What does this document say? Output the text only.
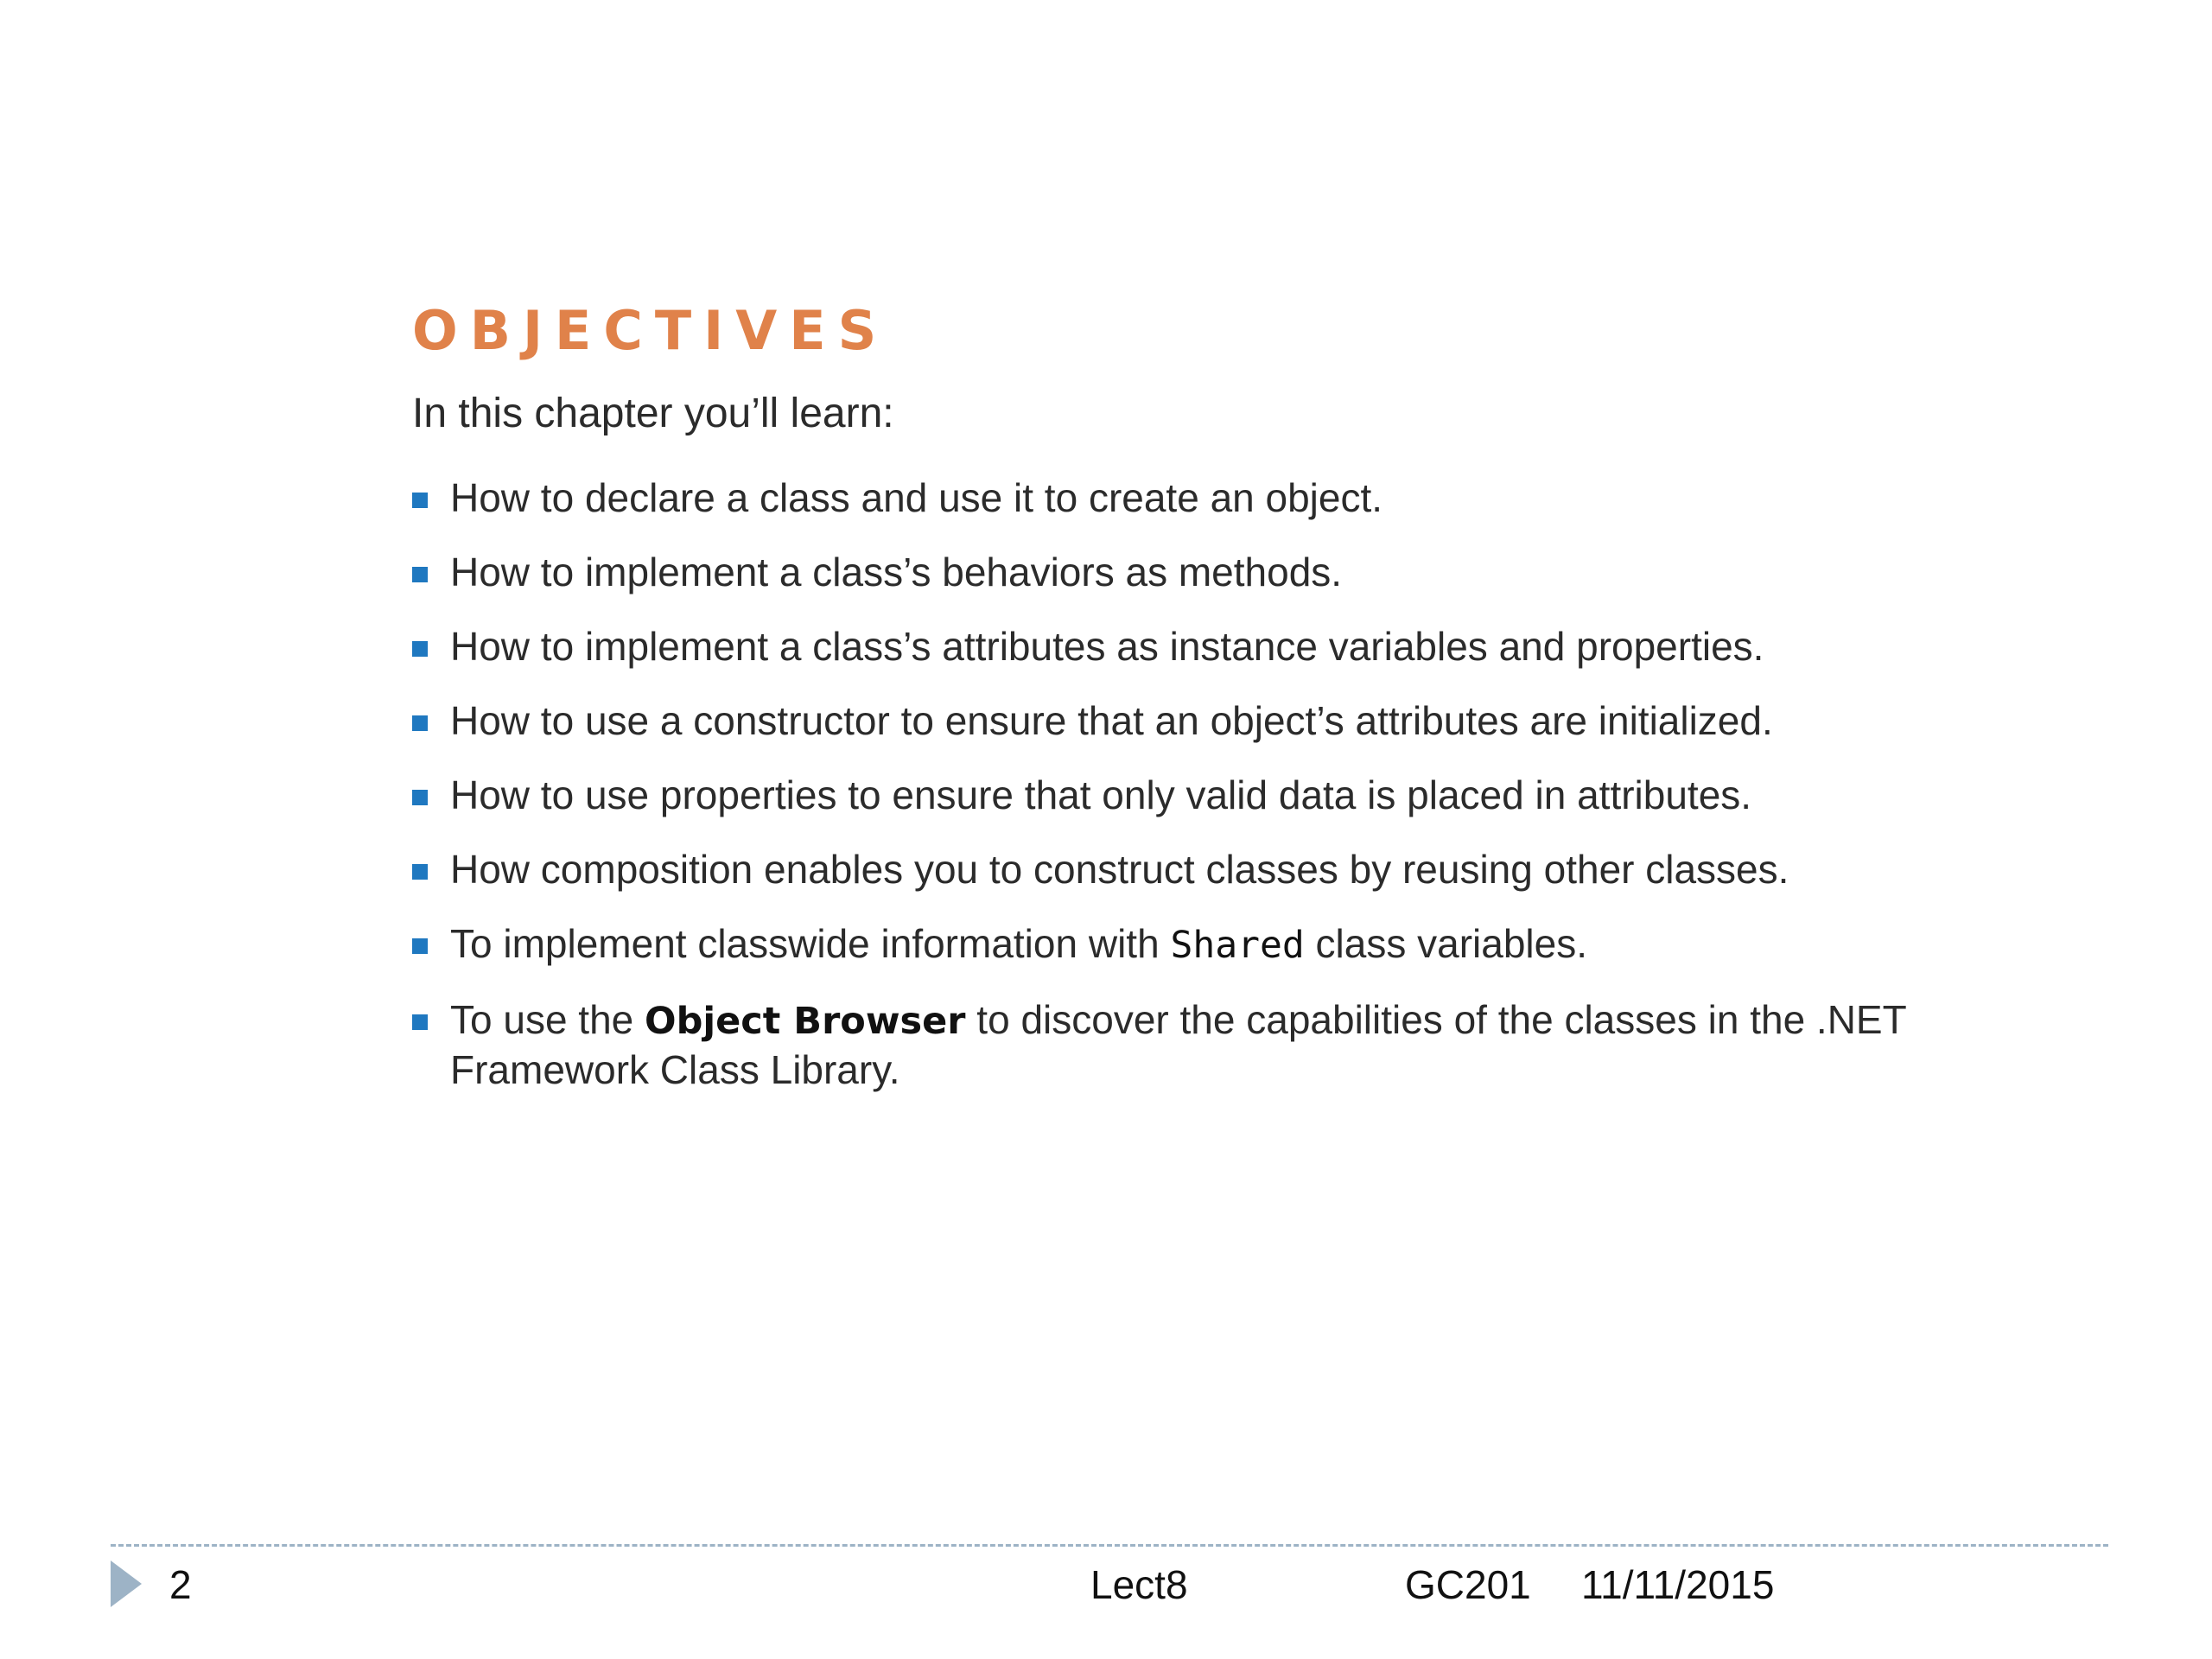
OBJECTIVES
In this chapter you’ll learn:
How to declare a class and use it to create an object.
How to implement a class’s behaviors as methods.
How to implement a class’s attributes as instance variables and properties.
How to use a constructor to ensure that an object’s attributes are initialized.
How to use properties to ensure that only valid data is placed in attributes.
How composition enables you to construct classes by reusing other classes.
To implement classwide information with Shared class variables.
To use the Object Browser to discover the capabilities of the classes in the .NET Framework Class Library.
2	Lect8	GC201 11/11/2015
